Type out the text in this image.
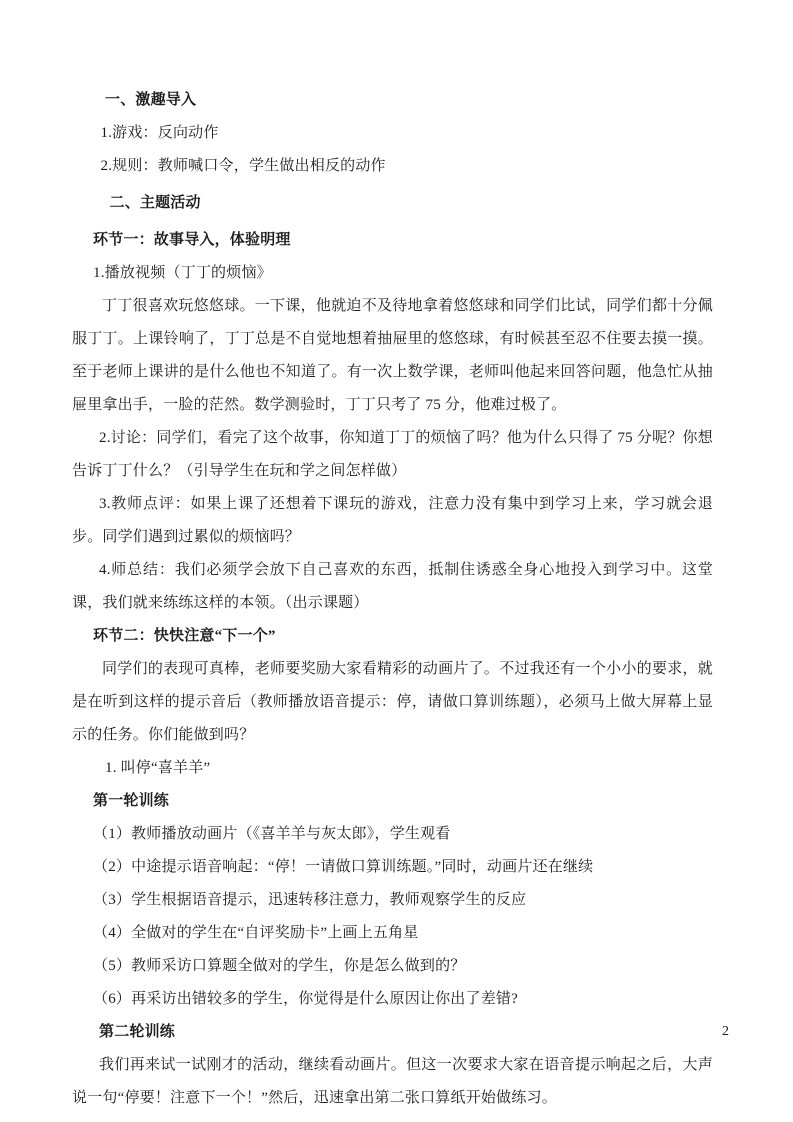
一、激趣导入

1.游戏：反向动作

2.规则：教师喊口令，学生做出相反的动作

二、主题活动

环节一：故事导入，体验明理

1.播放视频（丁丁的烦恼》

丁丁很喜欢玩悠悠球。一下课，他就迫不及待地拿着悠悠球和同学们比试，同学们都十分佩服丁丁。上课铃响了，丁丁总是不自觉地想着抽屉里的悠悠球，有时候甚至忍不住要去摸一摸。至于老师上课讲的是什么他也不知道了。有一次上数学课，老师叫他起来回答问题，他急忙从抽屉里拿出手，一脸的茫然。数学测验时，丁丁只考了 75 分，他难过极了。

2.讨论：同学们，看完了这个故事，你知道丁丁的烦恼了吗？他为什么只得了 75 分呢？你想告诉丁丁什么？（引导学生在玩和学之间怎样做）

3.教师点评：如果上课了还想着下课玩的游戏，注意力没有集中到学习上来，学习就会退步。同学们遇到过累似的烦恼吗？

4.师总结：我们必须学会放下自己喜欢的东西，抵制住诱惑全身心地投入到学习中。这堂课，我们就来练练这样的本领。（出示课题）

环节二：快快注意“下一个”

同学们的表现可真棒，老师要奖励大家看精彩的动画片了。不过我还有一个小小的要求，就是在听到这样的提示音后（教师播放语音提示：停，请做口算训练题），必须马上做大屏幕上显示的任务。你们能做到吗？

1. 叫停“喜羊羊”

第一轮训练

（1）教师播放动画片（《喜羊羊与灰太郎》，学生观看

（2）中途提示语音响起：“停！一请做口算训练题。”同时，动画片还在继续

（3）学生根据语音提示，迅速转移注意力，教师观察学生的反应

（4）全做对的学生在“自评奖励卡”上画上五角星

（5）教师采访口算题全做对的学生，你是怎么做到的？

（6）再采访出错较多的学生，你觉得是什么原因让你出了差错?

第二轮训练

我们再来试一试刚才的活动，继续看动画片。但这一次要求大家在语音提示响起之后，大声说一句“停要！注意下一个！”然后，迅速拿出第二张口算纸开始做练习。

2
